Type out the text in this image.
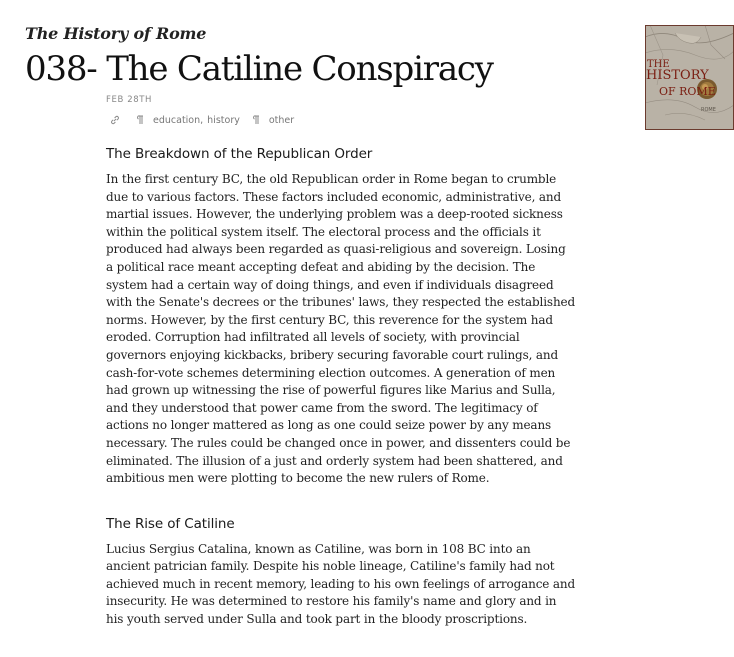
The History of Rome
038- The Catiline Conspiracy	THE
HISTORY
OF ROME
ROME
FEB 28TH
education , history	other
The Breakdown of the Republican Order

In the first century BC, the old Republican order in Rome began to crumble due to various factors. These factors included economic, administrative, and martial issues. However, the underlying problem was a deep-rooted sickness within the political system itself. The electoral process and the officials it produced had always been regarded as quasi-religious and sovereign. Losing a political race meant accepting defeat and abiding by the decision. The system had a certain way of doing things, and even if individuals disagreed with the Senate's decrees or the tribunes' laws, they respected the established norms. However, by the first century BC, this reverence for the system had eroded. Corruption had infiltrated all levels of society, with provincial governors enjoying kickbacks, bribery securing favorable court rulings, and cash-for-vote schemes determining election outcomes. A generation of men had grown up witnessing the rise of powerful figures like Marius and Sulla, and they understood that power came from the sword. The legitimacy of actions no longer mattered as long as one could seize power by any means necessary. The rules could be changed once in power, and dissenters could be eliminated. The illusion of a just and orderly system had been shattered, and ambitious men were plotting to become the new rulers of Rome.

The Rise of Catiline

Lucius Sergius Catalina, known as Catiline, was born in 108 BC into an ancient patrician family. Despite his noble lineage, Catiline's family had not achieved much in recent memory, leading to his own feelings of arrogance and insecurity. He was determined to restore his family's name and glory and in his youth served under Sulla and took part in the bloody proscriptions.
